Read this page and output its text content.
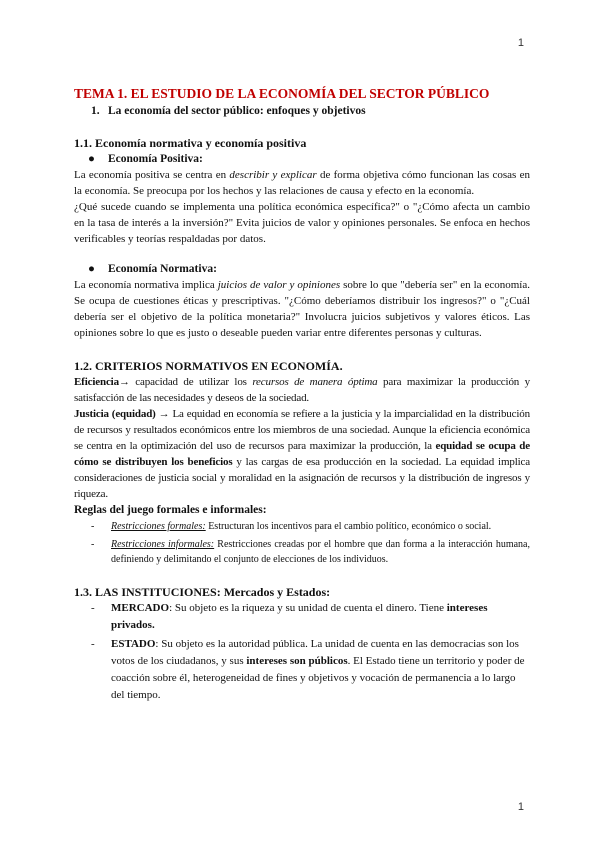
1

TEMA 1. EL ESTUDIO DE LA ECONOMÍA DEL SECTOR PÚBLICO

1. La economía del sector público: enfoques y objetivos

1.1. Economía normativa y economía positiva

● Economía Positiva:

La economía positiva se centra en describir y explicar de forma objetiva cómo funcionan las cosas en la economía. Se preocupa por los hechos y las relaciones de causa y efecto en la economía.

¿Qué sucede cuando se implementa una política económica específica?" o "¿Cómo afecta un cambio en la tasa de interés a la inversión?" Evita juicios de valor y opiniones personales. Se enfoca en hechos verificables y teorías respaldadas por datos.

● Economía Normativa:

La economía normativa implica juicios de valor y opiniones sobre lo que "debería ser" en la economía. Se ocupa de cuestiones éticas y prescriptivas. "¿Cómo deberíamos distribuir los ingresos?" o "¿Cuál debería ser el objetivo de la política monetaria?" Involucra juicios subjetivos y valores éticos. Las opiniones sobre lo que es justo o deseable pueden variar entre diferentes personas y culturas.

1.2. CRITERIOS NORMATIVOS EN ECONOMÍA.

Eficiencia→ capacidad de utilizar los recursos de manera óptima para maximizar la producción y satisfacción de las necesidades y deseos de la sociedad.

Justicia (equidad) → La equidad en economía se refiere a la justicia y la imparcialidad en la distribución de recursos y resultados económicos entre los miembros de una sociedad. Aunque la eficiencia económica se centra en la optimización del uso de recursos para maximizar la producción, la equidad se ocupa de cómo se distribuyen los beneficios y las cargas de esa producción en la sociedad. La equidad implica consideraciones de justicia social y moralidad en la asignación de recursos y la distribución de ingresos y riqueza.

Reglas del juego formales e informales:

-	Restricciones formales: Estructuran los incentivos para el cambio político, económico o social.
-	Restricciones informales: Restricciones creadas por el hombre que dan forma a la interacción humana, definiendo y delimitando el conjunto de elecciones de los individuos.

1.3. LAS INSTITUCIONES: Mercados y Estados:

-	MERCADO: Su objeto es la riqueza y su unidad de cuenta el dinero. Tiene intereses privados.
-	ESTADO: Su objeto es la autoridad pública. La unidad de cuenta en las democracias son los votos de los ciudadanos, y sus intereses son públicos. El Estado tiene un territorio y poder de coacción sobre él, heterogeneidad de fines y objetivos y vocación de permanencia a lo largo del tiempo.
1
